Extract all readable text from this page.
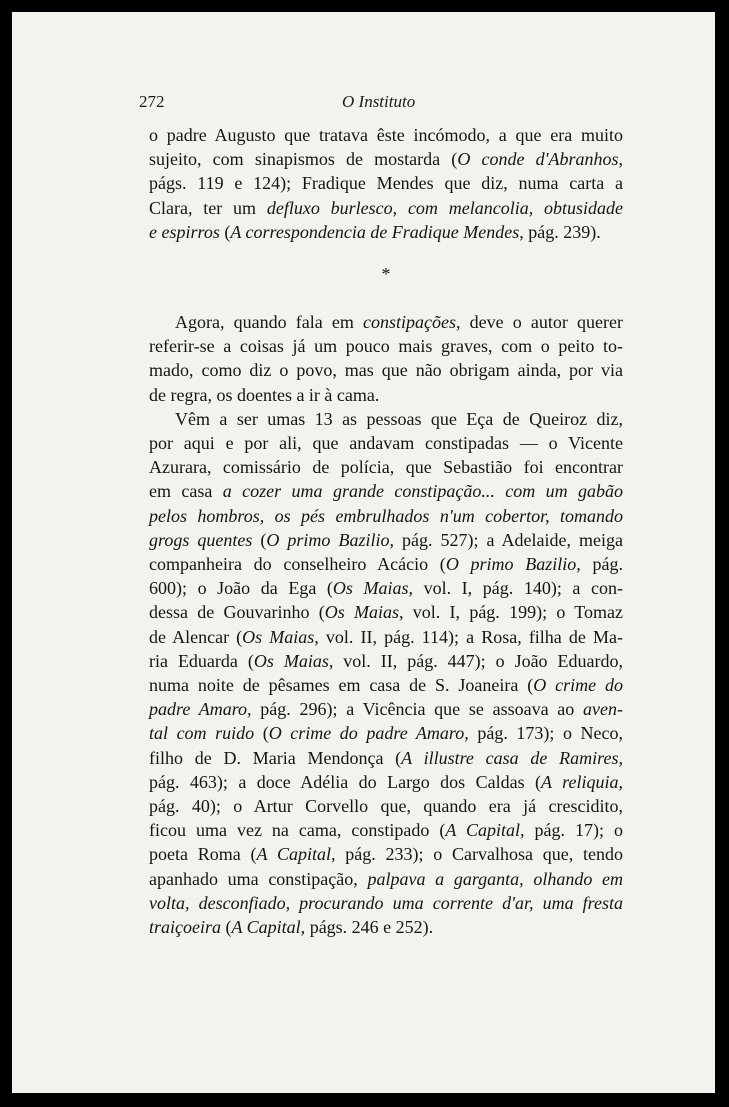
272	O Instituto
o padre Augusto que tratava êste incómodo, a que era muito
sujeito, com sinapismos de mostarda (O conde d'Abranhos,
págs. 119 e 124); Fradique Mendes que diz, numa carta a
Clara, ter um defluxo burlesco, com melancolia, obtusidade
e espirros (A correspondencia de Fradique Mendes, pág. 239).
*
Agora, quando fala em constipações, deve o autor querer
referir-se a coisas já um pouco mais graves, com o peito to-
mado, como diz o povo, mas que não obrigam ainda, por via
de regra, os doentes a ir à cama.
Vêm a ser umas 13 as pessoas que Eça de Queiroz diz,
por aqui e por ali, que andavam constipadas — o Vicente
Azurara, comissário de polícia, que Sebastião foi encontrar
em casa a cozer uma grande constipação... com um gabão
pelos hombros, os pés embrulhados n'um cobertor, tomando
grogs quentes (O primo Bazilio, pág. 527); a Adelaide, meiga
companheira do conselheiro Acácio (O primo Bazilio, pág.
600); o João da Ega (Os Maias, vol. I, pág. 140); a con-
dessa de Gouvarinho (Os Maias, vol. I, pág. 199); o Tomaz
de Alencar (Os Maias, vol. II, pág. 114); a Rosa, filha de Ma-
ria Eduarda (Os Maias, vol. II, pág. 447); o João Eduardo,
numa noite de pêsames em casa de S. Joaneira (O crime do
padre Amaro, pág. 296); a Vicência que se assoava ao aven-
tal com ruido (O crime do padre Amaro, pág. 173); o Neco,
filho de D. Maria Mendonça (A illustre casa de Ramires,
pág. 463); a doce Adélia do Largo dos Caldas (A reliquia,
pág. 40); o Artur Corvello que, quando era já crescidito,
ficou uma vez na cama, constipado (A Capital, pág. 17); o
poeta Roma (A Capital, pág. 233); o Carvalhosa que, tendo
apanhado uma constipação, palpava a garganta, olhando em
volta, desconfiado, procurando uma corrente d'ar, uma fresta
traiçoeira (A Capital, págs. 246 e 252).
